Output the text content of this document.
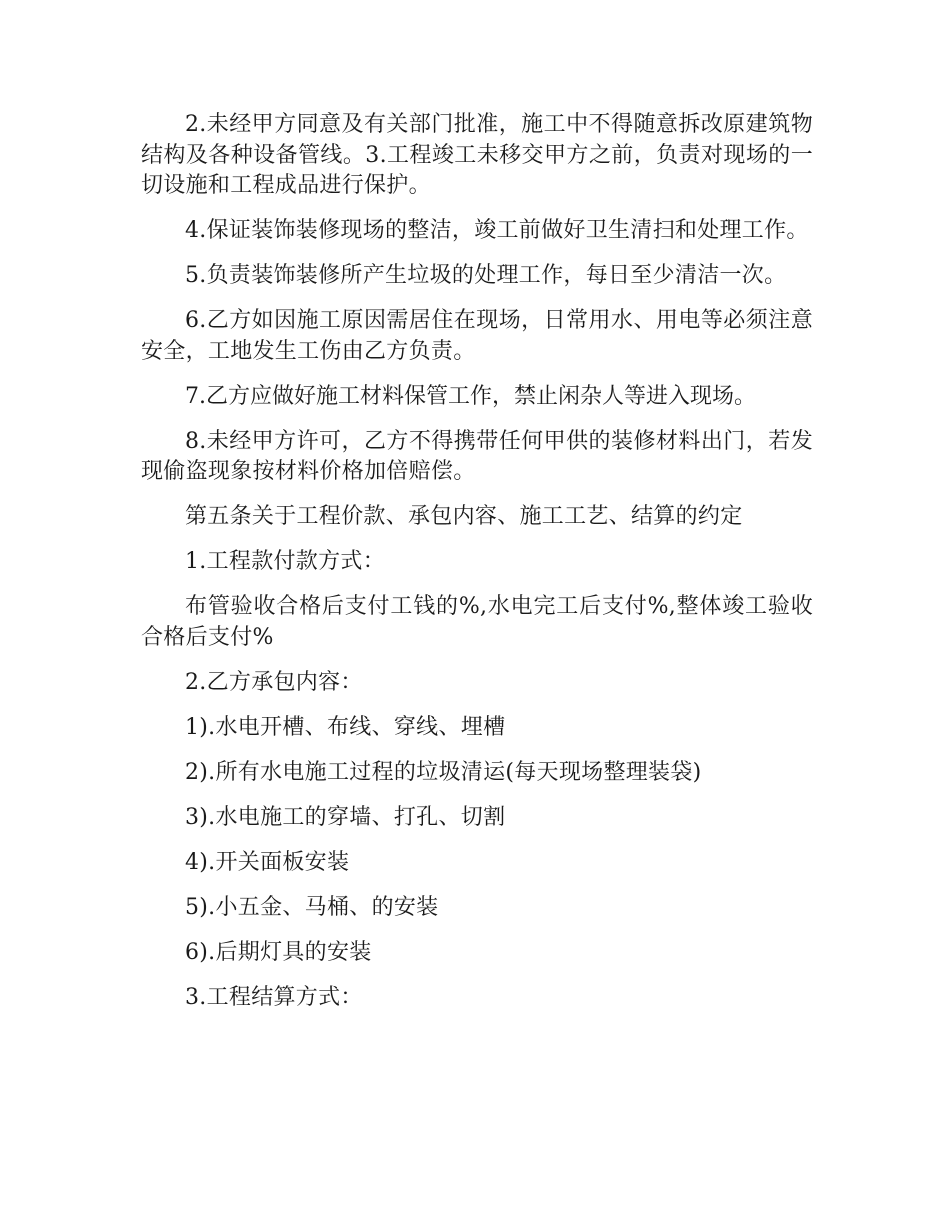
2.未经甲方同意及有关部门批准，施工中不得随意拆改原建筑物结构及各种设备管线。3.工程竣工未移交甲方之前，负责对现场的一切设施和工程成品进行保护。

4.保证装饰装修现场的整洁，竣工前做好卫生清扫和处理工作。

5.负责装饰装修所产生垃圾的处理工作，每日至少清洁一次。

6.乙方如因施工原因需居住在现场，日常用水、用电等必须注意安全，工地发生工伤由乙方负责。

7.乙方应做好施工材料保管工作，禁止闲杂人等进入现场。

8.未经甲方许可，乙方不得携带任何甲供的装修材料出门，若发现偷盗现象按材料价格加倍赔偿。

第五条关于工程价款、承包内容、施工工艺、结算的约定

1.工程款付款方式：

布管验收合格后支付工钱的%,水电完工后支付%,整体竣工验收合格后支付%

2.乙方承包内容：

1).水电开槽、布线、穿线、埋槽

2).所有水电施工过程的垃圾清运(每天现场整理装袋)

3).水电施工的穿墙、打孔、切割

4).开关面板安装

5).小五金、马桶、的安装

6).后期灯具的安装

3.工程结算方式：
